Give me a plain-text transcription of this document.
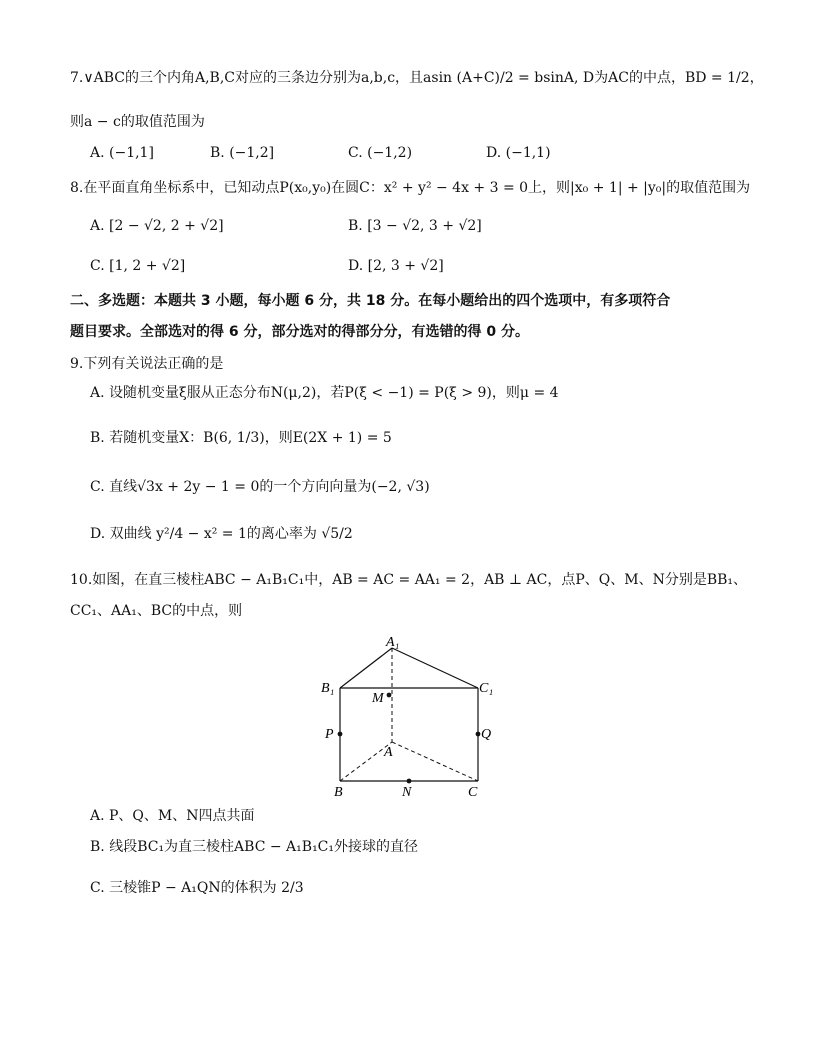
7.∨ABC的三个内角A,B,C对应的三条边分别为a,b,c，且asin (A+C)/2 = bsinA, D为AC的中点，BD = 1/2，
则a − c的取值范围为
A. (−1,1]	B. (−1,2]	C. (−1,2)	D. (−1,1)
8.在平面直角坐标系中，已知动点P(x₀,y₀)在圆C：x² + y² − 4x + 3 = 0上，则|x₀ + 1| + |y₀|的取值范围为
A. [2 − √2, 2 + √2]	B. [3 − √2, 3 + √2]
C. [1, 2 + √2]	D. [2, 3 + √2]
二、多选题：本题共 3 小题，每小题 6 分，共 18 分。在每小题给出的四个选项中，有多项符合
题目要求。全部选对的得 6 分，部分选对的得部分分，有选错的得 0 分。
9.下列有关说法正确的是
A. 设随机变量ξ服从正态分布N(μ,2)，若P(ξ < −1) = P(ξ > 9)，则μ = 4
B. 若随机变量X：B(6, 1/3)，则E(2X + 1) = 5
C. 直线√3x + 2y − 1 = 0的一个方向向量为(−2, √3)
D. 双曲线 y²/4 − x² = 1的离心率为 √5/2
10.如图，在直三棱柱ABC − A₁B₁C₁中，AB = AC = AA₁ = 2，AB ⊥ AC，点P、Q、M、N分别是BB₁、
CC₁、AA₁、BC的中点，则
A₁
B₁	C₁
M
P	Q
A
B	N	C
A. P、Q、M、N四点共面
B. 线段BC₁为直三棱柱ABC − A₁B₁C₁外接球的直径
C. 三棱锥P − A₁QN的体积为 2/3
